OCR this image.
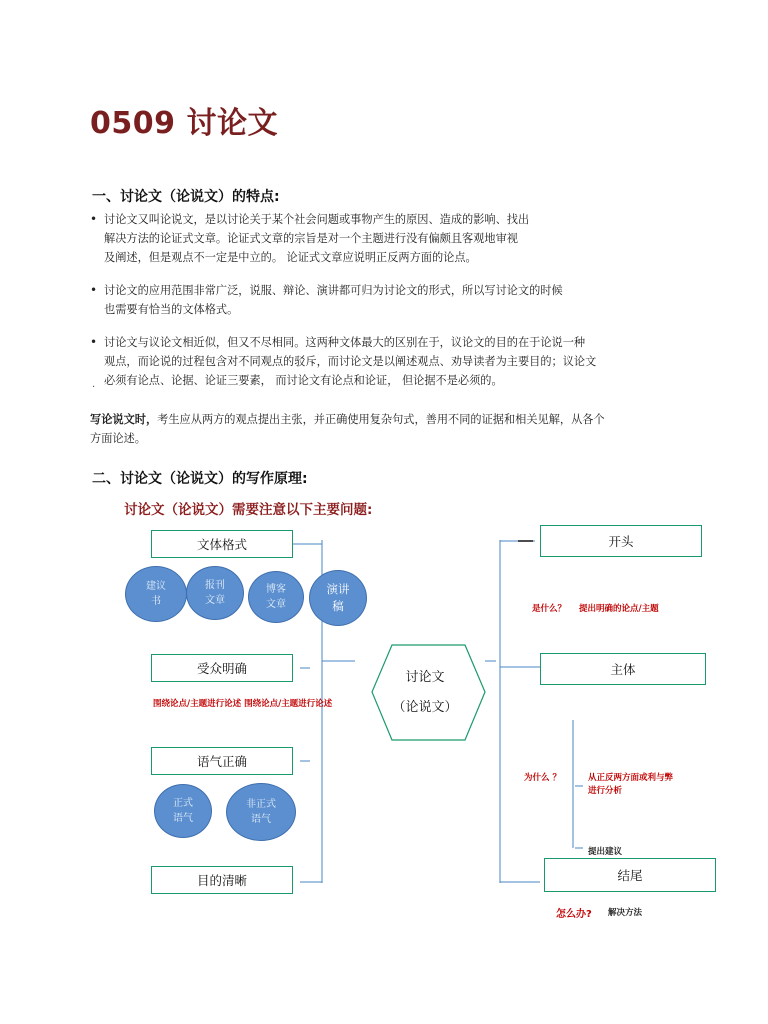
0509 讨论文
一、讨论文（论说文）的特点:
• 讨论文又叫论说文，是以讨论关于某个社会问题或事物产生的原因、造成的影响、找出
解决方法的论证式文章。论证式文章的宗旨是对一个主题进行没有偏颇且客观地审视
及阐述，但是观点不一定是中立的。 论证式文章应说明正反两方面的论点。
• 讨论文的应用范围非常广泛，说服、辩论、演讲都可归为讨论文的形式，所以写讨论文的时候
也需要有恰当的文体格式。
• 讨论文与议论文相近似，但又不尽相同。这两种文体最大的区别在于，议论文的目的在于论说一种
观点，而论说的过程包含对不同观点的驳斥，而讨论文是以阐述观点、劝导读者为主要目的；议论文
必须有论点、论据、论证三要素， 而讨论文有论点和论证， 但论据不是必须的。
·
写论说文时，考生应从两方的观点提出主张，并正确使用复杂句式，善用不同的证据和相关见解，从各个
方面论述。
二、讨论文（论说文）的写作原理:
讨论文（论说文）需要注意以下主要问题:
文体格式
受众明确
语气正确
目的清晰
建议
书
报刊
文章
博客
文章
演讲
稿
围绕论点/主题进行论述 围绕论点/主题进行论述
正式
语气
非正式
语气
讨论文
（论说文）
开头
主体
结尾
是什么？ 提出明确的论点/主题
为什么 ？	从正反两方面或利与弊
进行分析
提出建议
怎么办? 解决方法
